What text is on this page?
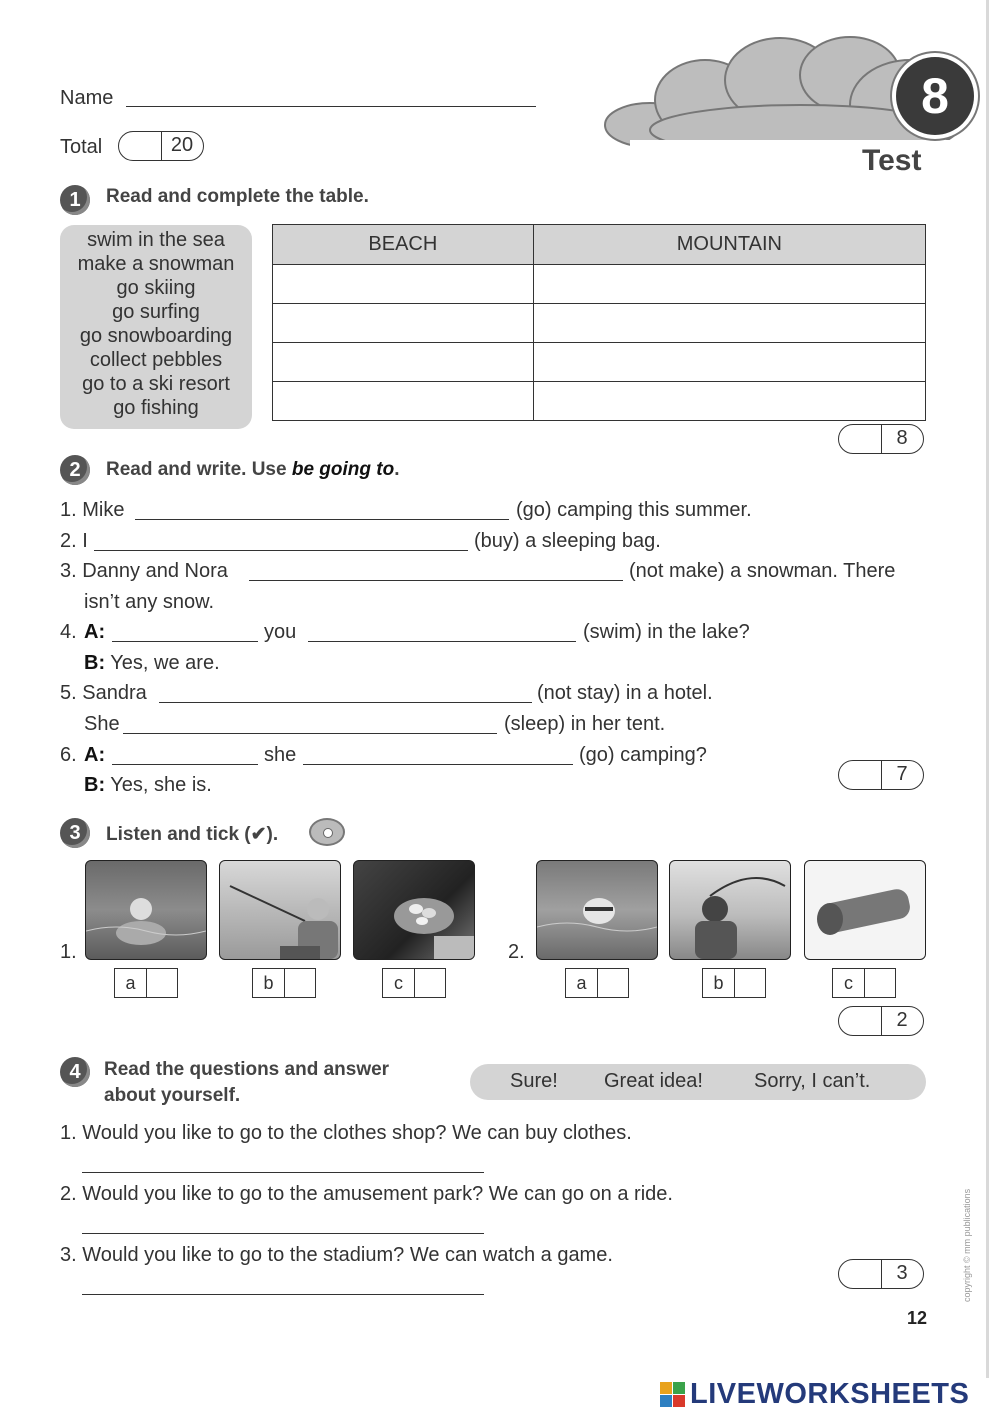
8
Test
Name
Total	20
1	Read and complete the table.
swim in the sea
make a snowman
go skiing
go surfing
go snowboarding
collect pebbles
go to a ski resort
go fishing
BEACH	MOUNTAIN

8
2	Read and write. Use be going to.
1. Mike	(go) camping this summer.
2. I	(buy) a sleeping bag.
3. Danny and Nora	(not make) a snowman. There
isn’t any snow.
4. A:	you	(swim) in the lake?
B: Yes, we are.
5. Sandra	(not stay) in a hotel.
She	(sleep) in her tent.
6. A:	she	(go) camping?
B: Yes, she is.	7
3	Listen and tick (✔).
1.	2.
a	b	c	a	b	c
2
4	Read the questions and answer
about yourself.
Sure! Great idea!	Sorry, I can’t.
1. Would you like to go to the clothes shop? We can buy clothes.
2. Would you like to go to the amusement park? We can go on a ride.
3. Would you like to go to the stadium? We can watch a game.
3
12
copyright © mm publications
LIVEWORKSHEETS
